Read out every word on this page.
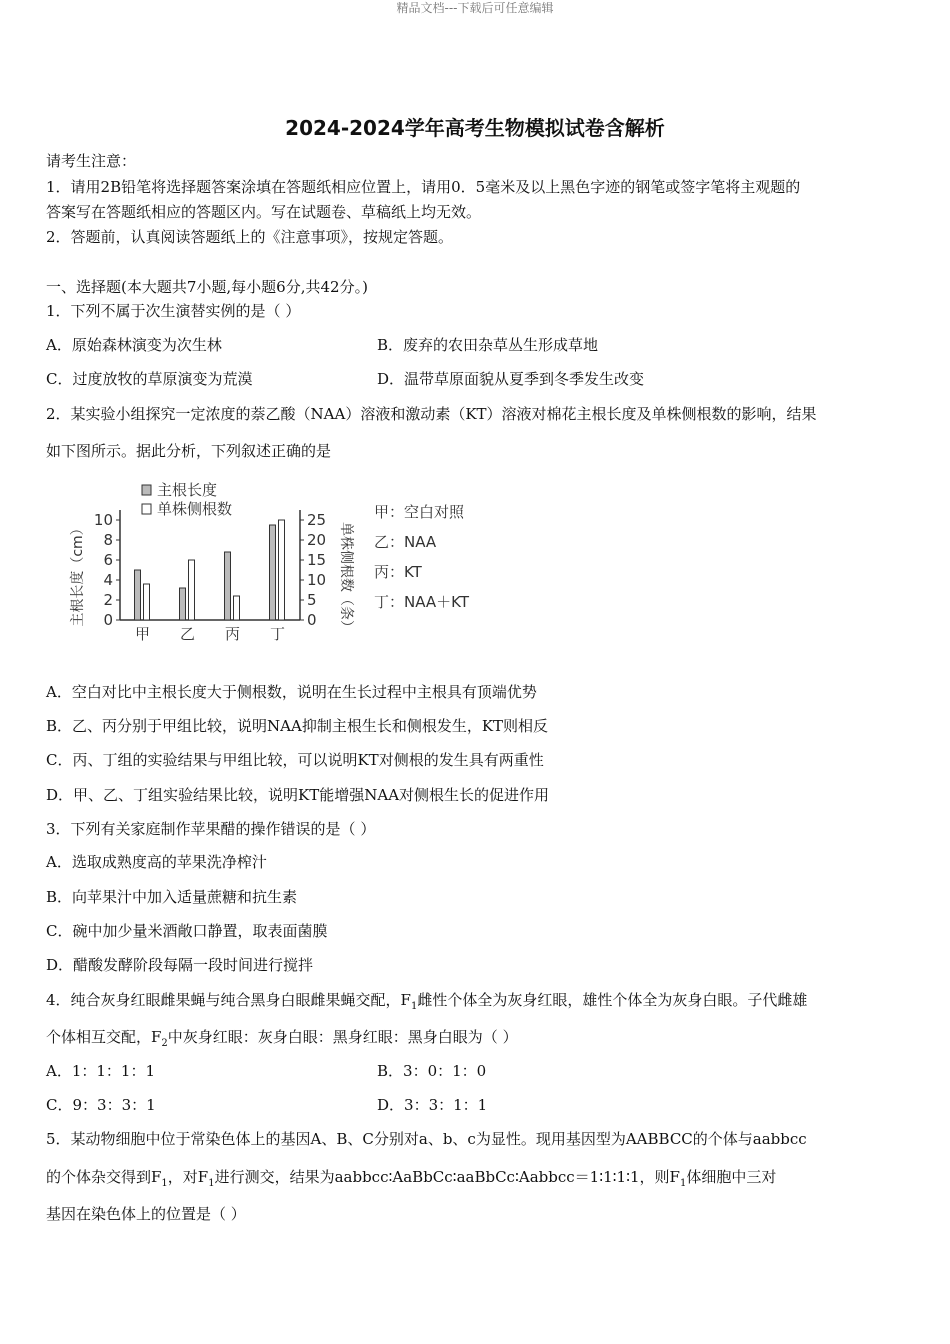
精品文档---下载后可任意编辑
2024-2024学年高考生物模拟试卷含解析
请考生注意：
1．请用2B铅笔将选择题答案涂填在答题纸相应位置上，请用0．5毫米及以上黑色字迹的钢笔或签字笔将主观题的
答案写在答题纸相应的答题区内。写在试题卷、草稿纸上均无效。
2．答题前，认真阅读答题纸上的《注意事项》，按规定答题。
一、选择题(本大题共7小题,每小题6分,共42分。)
1．下列不属于次生演替实例的是（ ）
A．原始森林演变为次生林	B．废弃的农田杂草丛生形成草地
C．过度放牧的草原演变为荒漠	D．温带草原面貌从夏季到冬季发生改变
2．某实验小组探究一定浓度的萘乙酸（NAA）溶液和激动素（KT）溶液对棉花主根长度及单株侧根数的影响，结果
如下图所示。据此分析，下列叙述正确的是
0
2
4
6
8
10
0
5
10
15
20
25
甲 乙 丙 丁
主根长度（cm）	单株侧根数（条）
主根长度
单株侧根数	甲：空白对照
乙：NAA
丙：KT
丁：NAA＋KT
A．空白对比中主根长度大于侧根数，说明在生长过程中主根具有顶端优势
B．乙、丙分别于甲组比较，说明NAA抑制主根生长和侧根发生，KT则相反
C．丙、丁组的实验结果与甲组比较，可以说明KT对侧根的发生具有两重性
D．甲、乙、丁组实验结果比较，说明KT能增强NAA对侧根生长的促进作用
3．下列有关家庭制作苹果醋的操作错误的是（ ）
A．选取成熟度高的苹果洗净榨汁
B．向苹果汁中加入适量蔗糖和抗生素
C．碗中加少量米酒敞口静置，取表面菌膜
D．醋酸发酵阶段每隔一段时间进行搅拌
4．纯合灰身红眼雌果蝇与纯合黑身白眼雌果蝇交配，$F_1$雌性个体全为灰身红眼，雄性个体全为灰身白眼。子代雌雄
个体相互交配，$F_2$中灰身红眼：灰身白眼：黑身红眼：黑身白眼为（ ）
A．1：1：1：1	B．3：0：1：0
C．9：3：3：1	D．3：3：1：1
5．某动物细胞中位于常染色体上的基因A、B、C分别对a、b、c为显性。现用基因型为AABBCC的个体与aabbcc
的个体杂交得到$F_1$，对$F_1$进行测交，结果为aabbcc∶AaBbCc∶aaBbCc∶Aabbcc＝1∶1∶1∶1，则$F_1$体细胞中三对
基因在染色体上的位置是（ ）
